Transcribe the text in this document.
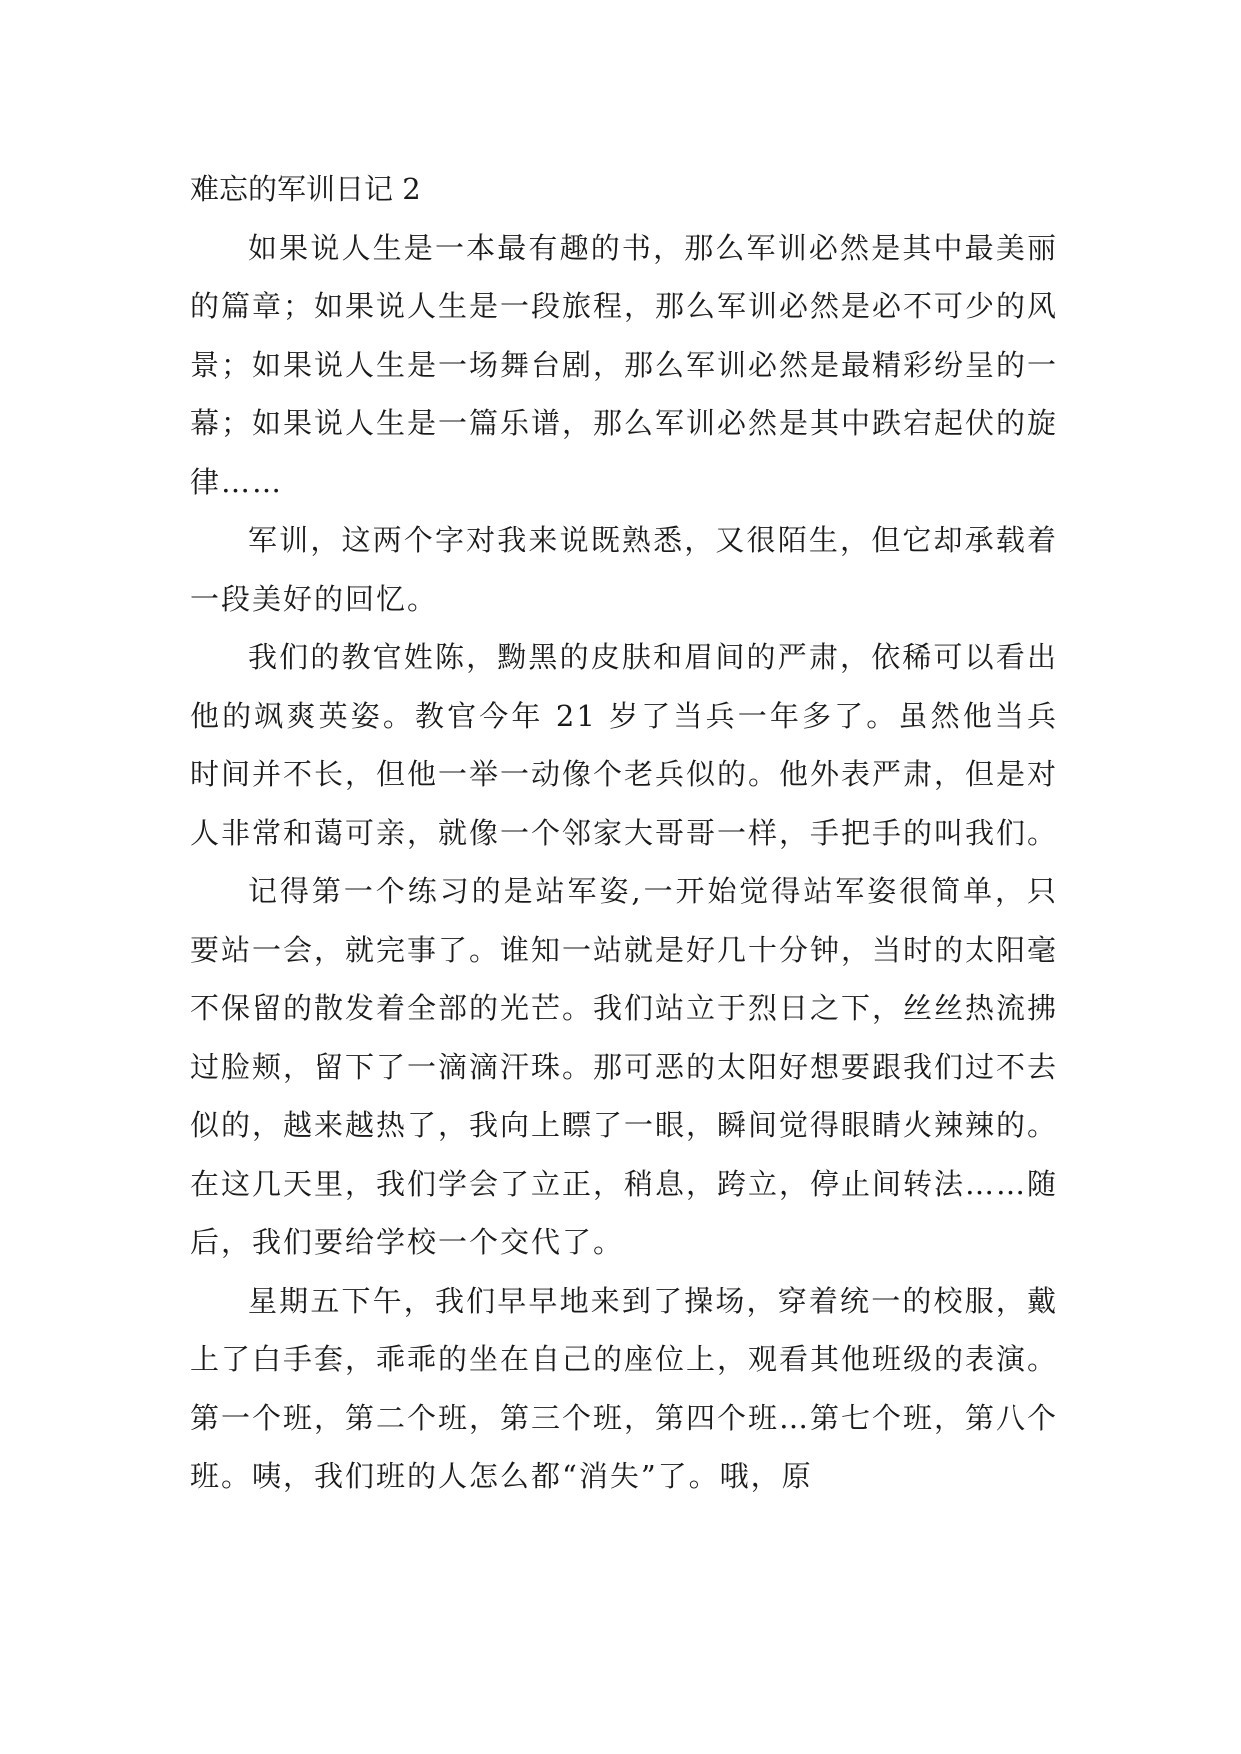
难忘的军训日记 2

如果说人生是一本最有趣的书，那么军训必然是其中最美丽的篇章；如果说人生是一段旅程，那么军训必然是必不可少的风景；如果说人生是一场舞台剧，那么军训必然是最精彩纷呈的一幕；如果说人生是一篇乐谱，那么军训必然是其中跌宕起伏的旋律……

军训，这两个字对我来说既熟悉，又很陌生，但它却承载着一段美好的回忆。

我们的教官姓陈，黝黑的皮肤和眉间的严肃，依稀可以看出他的飒爽英姿。教官今年 21 岁了当兵一年多了。虽然他当兵时间并不长，但他一举一动像个老兵似的。他外表严肃，但是对人非常和蔼可亲，就像一个邻家大哥哥一样，手把手的叫我们。

记得第一个练习的是站军姿,一开始觉得站军姿很简单，只要站一会，就完事了。谁知一站就是好几十分钟，当时的太阳毫不保留的散发着全部的光芒。我们站立于烈日之下，丝丝热流拂过脸颊，留下了一滴滴汗珠。那可恶的太阳好想要跟我们过不去似的，越来越热了，我向上瞟了一眼，瞬间觉得眼睛火辣辣的。在这几天里，我们学会了立正，稍息，跨立，停止间转法……随后，我们要给学校一个交代了。

星期五下午，我们早早地来到了操场，穿着统一的校服，戴上了白手套，乖乖的坐在自己的座位上，观看其他班级的表演。第一个班，第二个班，第三个班，第四个班…第七个班，第八个班。咦，我们班的人怎么都“消失”了。哦，原
